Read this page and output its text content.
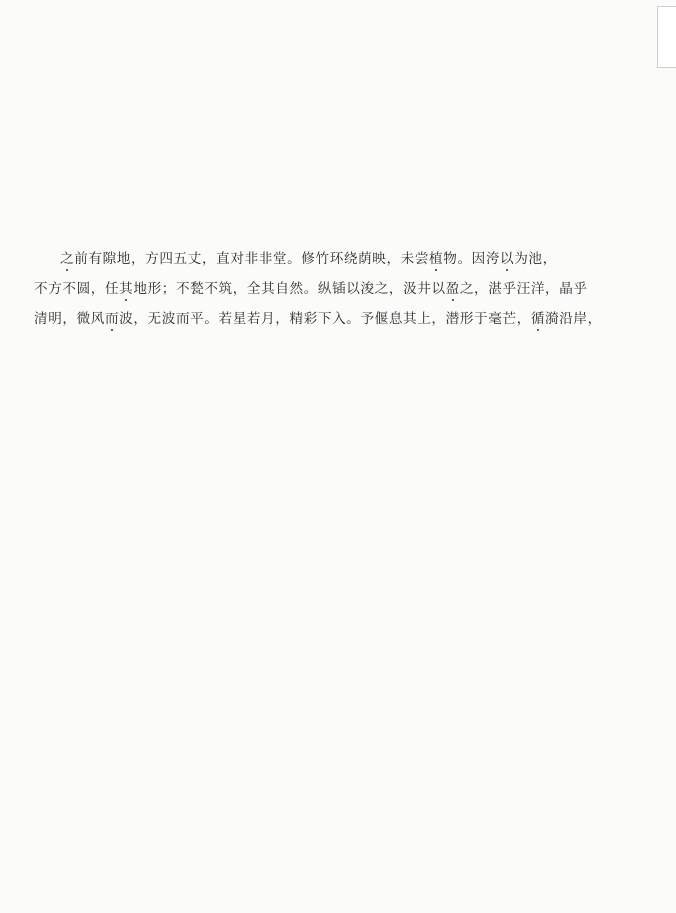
之前有隙地，方四五丈，直对非非堂。修竹环绕荫映，未尝植物。因洿以为池，
不方不圆，任其地形；不甃不筑，全其自然。纵锸以浚之，汲井以盈之，湛乎汪洋，晶乎
清明，微风而波，无波而平。若星若月，精彩下入。予偃息其上，潜形于毫芒，循漪沿岸，
